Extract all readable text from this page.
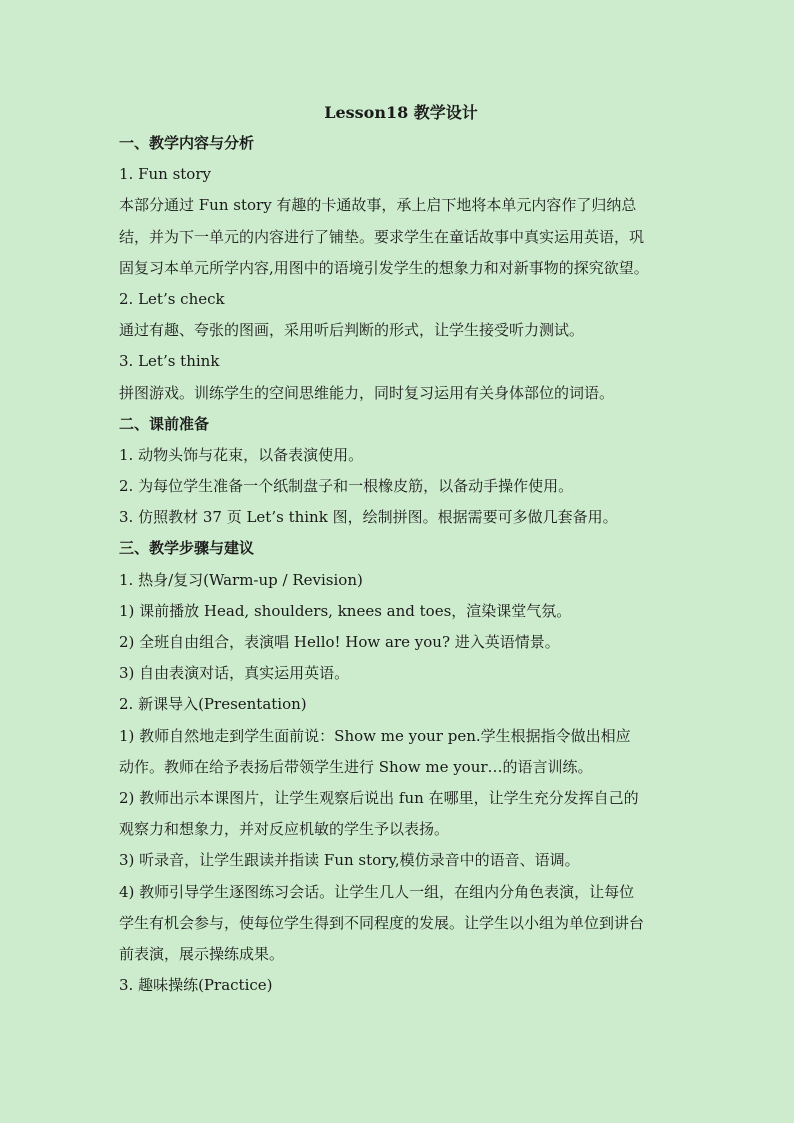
Lesson18 教学设计
一、教学内容与分析
1. Fun story
本部分通过 Fun story 有趣的卡通故事，承上启下地将本单元内容作了归纳总
结，并为下一单元的内容进行了铺垫。要求学生在童话故事中真实运用英语，巩
固复习本单元所学内容,用图中的语境引发学生的想象力和对新事物的探究欲望。
2. Let’s check
通过有趣、夸张的图画，采用听后判断的形式，让学生接受听力测试。
3. Let’s think
拼图游戏。训练学生的空间思维能力，同时复习运用有关身体部位的词语。
二、课前准备
1. 动物头饰与花束，以备表演使用。
2. 为每位学生准备一个纸制盘子和一根橡皮筋，以备动手操作使用。
3. 仿照教材 37 页 Let’s think 图，绘制拼图。根据需要可多做几套备用。
三、教学步骤与建议
1. 热身/复习(Warm-up / Revision)
1) 课前播放 Head, shoulders, knees and toes，渲染课堂气氛。
2) 全班自由组合，表演唱 Hello! How are you? 进入英语情景。
3) 自由表演对话，真实运用英语。
2. 新课导入(Presentation)
1) 教师自然地走到学生面前说：Show me your pen.学生根据指令做出相应
动作。教师在给予表扬后带领学生进行 Show me your…的语言训练。
2) 教师出示本课图片，让学生观察后说出 fun 在哪里，让学生充分发挥自己的
观察力和想象力，并对反应机敏的学生予以表扬。
3) 听录音，让学生跟读并指读 Fun story,模仿录音中的语音、语调。
4) 教师引导学生逐图练习会话。让学生几人一组，在组内分角色表演，让每位
学生有机会参与，使每位学生得到不同程度的发展。让学生以小组为单位到讲台
前表演，展示操练成果。
3. 趣味操练(Practice)
